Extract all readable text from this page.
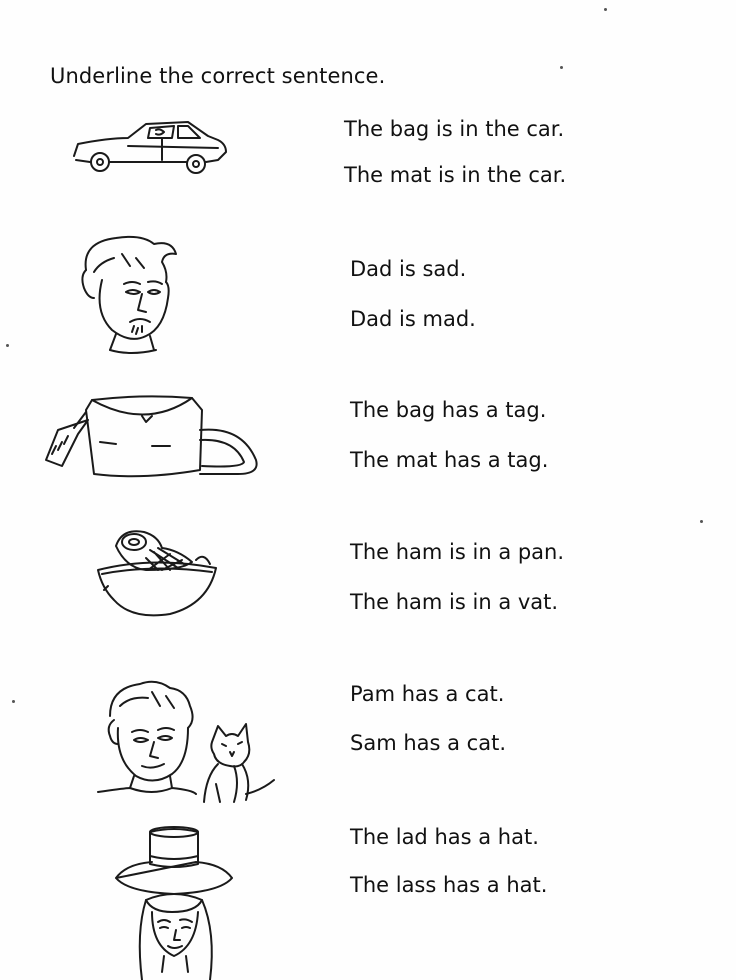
Underline the correct sentence.
The bag is in the car.
The mat is in the car.
Dad is sad.
Dad is mad.
The bag has a tag.
The mat has a tag.
The ham is in a pan.
The ham is in a vat.
Pam has a cat.
Sam has a cat.
The lad has a hat.
The lass has a hat.
